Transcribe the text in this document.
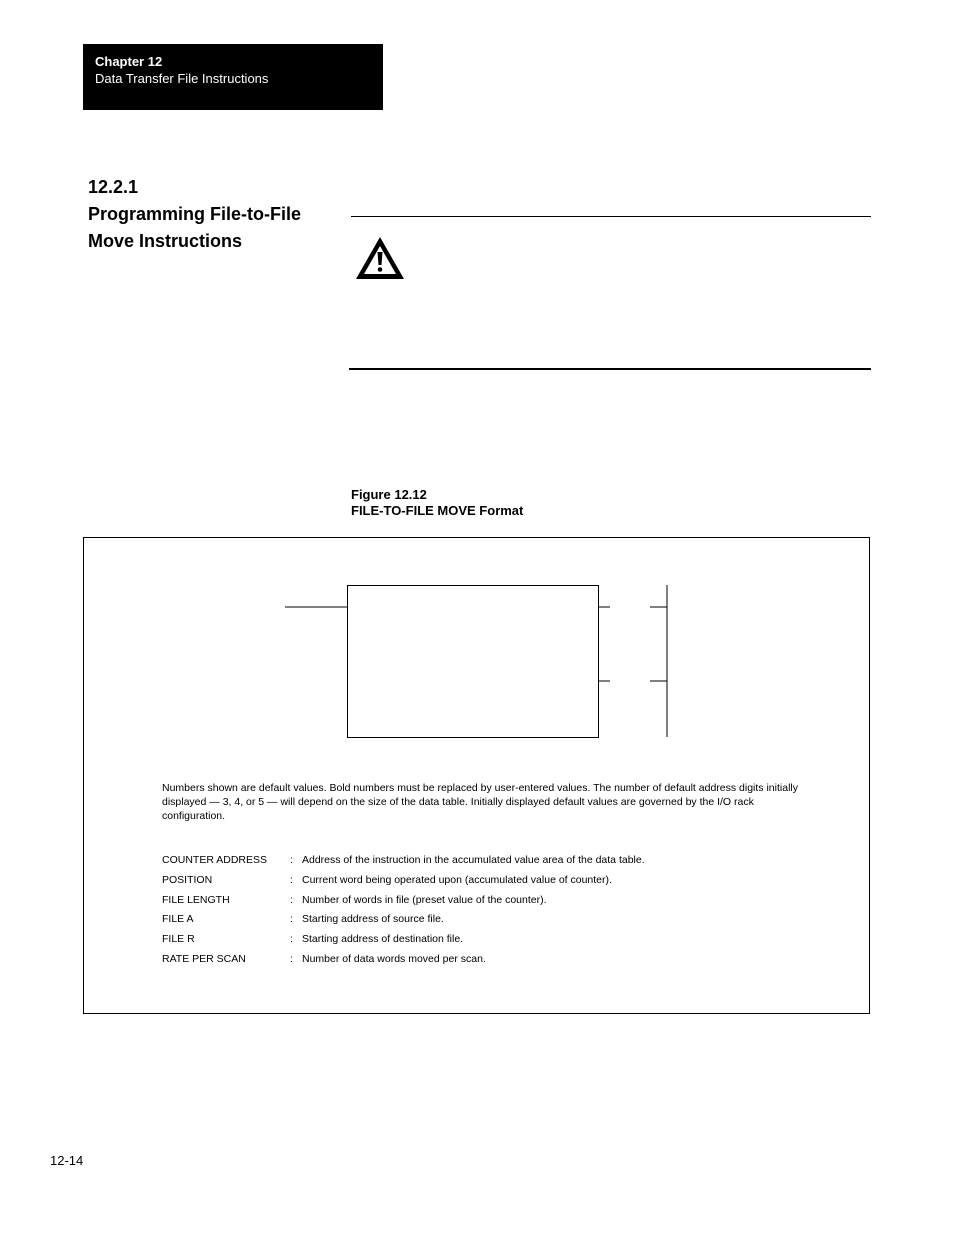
Chapter 12
Data Transfer File Instructions
12.2.1
Programming File-to-File
Move Instructions
Figure 12.12
FILE-TO-FILE MOVE Format
Numbers shown are default values. Bold numbers must be replaced by user-entered values. The number of default address digits initially displayed — 3, 4, or 5 — will depend on the size of the data table. Initially displayed default values are governed by the I/O rack configuration.
COUNTER ADDRESS : Address of the instruction in the accumulated value area of the data table.
POSITION	: Current word being operated upon (accumulated value of counter).
FILE LENGTH	: Number of words in file (preset value of the counter).
FILE A	: Starting address of source file.
FILE R	: Starting address of destination file.
RATE PER SCAN	: Number of data words moved per scan.
12-14
